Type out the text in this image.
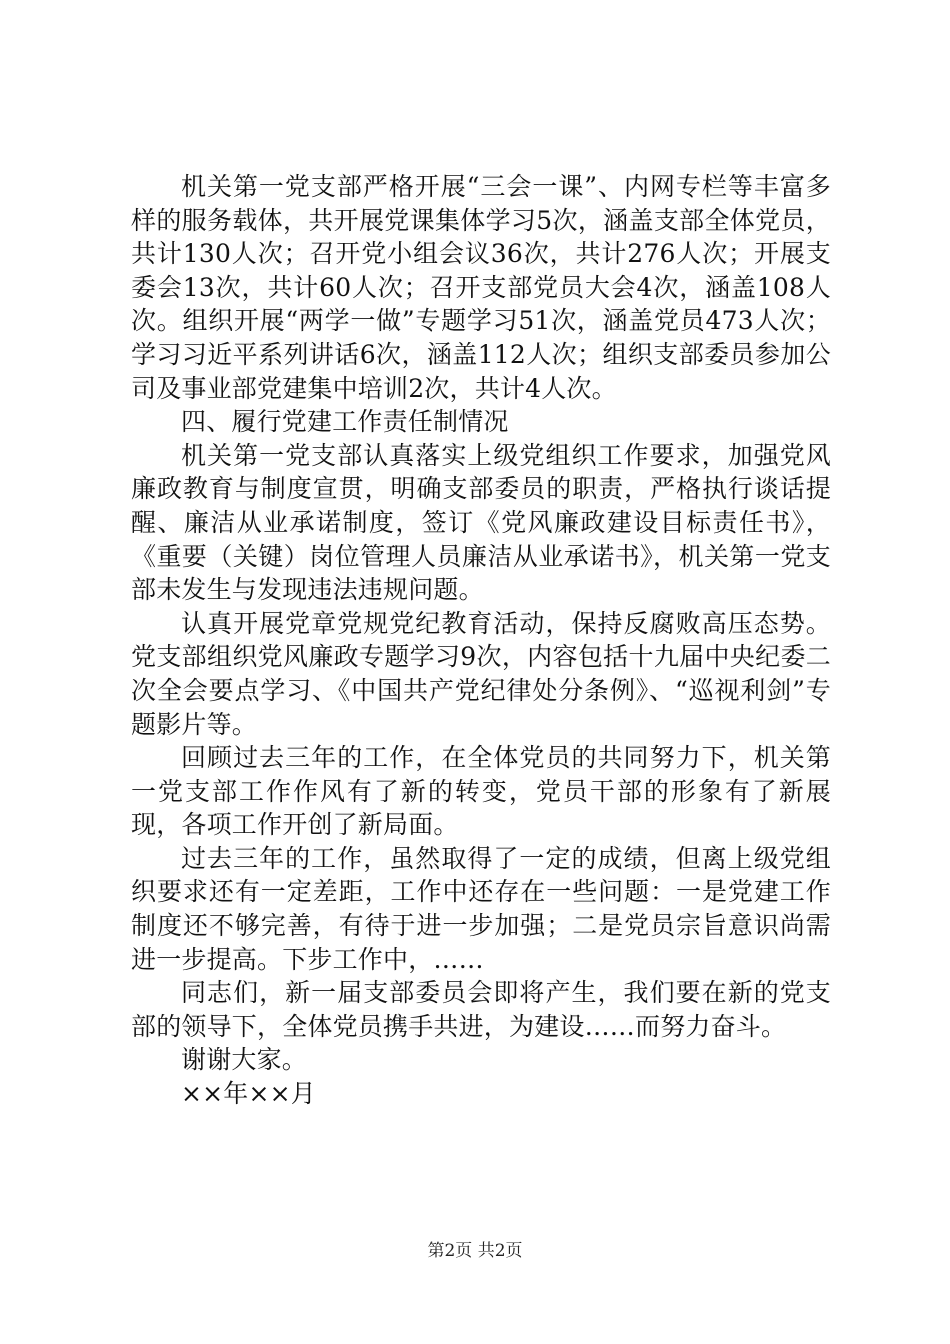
机关第一党支部严格开展“三会一课”、内网专栏等丰富多样的服务载体，共开展党课集体学习5次，涵盖支部全体党员，共计130人次；召开党小组会议36次，共计276人次；开展支委会13次，共计60人次；召开支部党员大会4次，涵盖108人次。组织开展“两学一做”专题学习51次，涵盖党员473人次；学习习近平系列讲话6次，涵盖112人次；组织支部委员参加公司及事业部党建集中培训2次，共计4人次。

四、履行党建工作责任制情况

机关第一党支部认真落实上级党组织工作要求，加强党风廉政教育与制度宣贯，明确支部委员的职责，严格执行谈话提醒、廉洁从业承诺制度，签订《党风廉政建设目标责任书》，《重要（关键）岗位管理人员廉洁从业承诺书》，机关第一党支部未发生与发现违法违规问题。

认真开展党章党规党纪教育活动，保持反腐败高压态势。党支部组织党风廉政专题学习9次，内容包括十九届中央纪委二次全会要点学习、《中国共产党纪律处分条例》、“巡视利剑”专题影片等。

回顾过去三年的工作，在全体党员的共同努力下，机关第一党支部工作作风有了新的转变，党员干部的形象有了新展现，各项工作开创了新局面。

过去三年的工作，虽然取得了一定的成绩，但离上级党组织要求还有一定差距，工作中还存在一些问题：一是党建工作制度还不够完善，有待于进一步加强；二是党员宗旨意识尚需进一步提高。下步工作中，……

同志们，新一届支部委员会即将产生，我们要在新的党支部的领导下，全体党员携手共进，为建设……而努力奋斗。

谢谢大家。

××年××月

第2页 共2页
